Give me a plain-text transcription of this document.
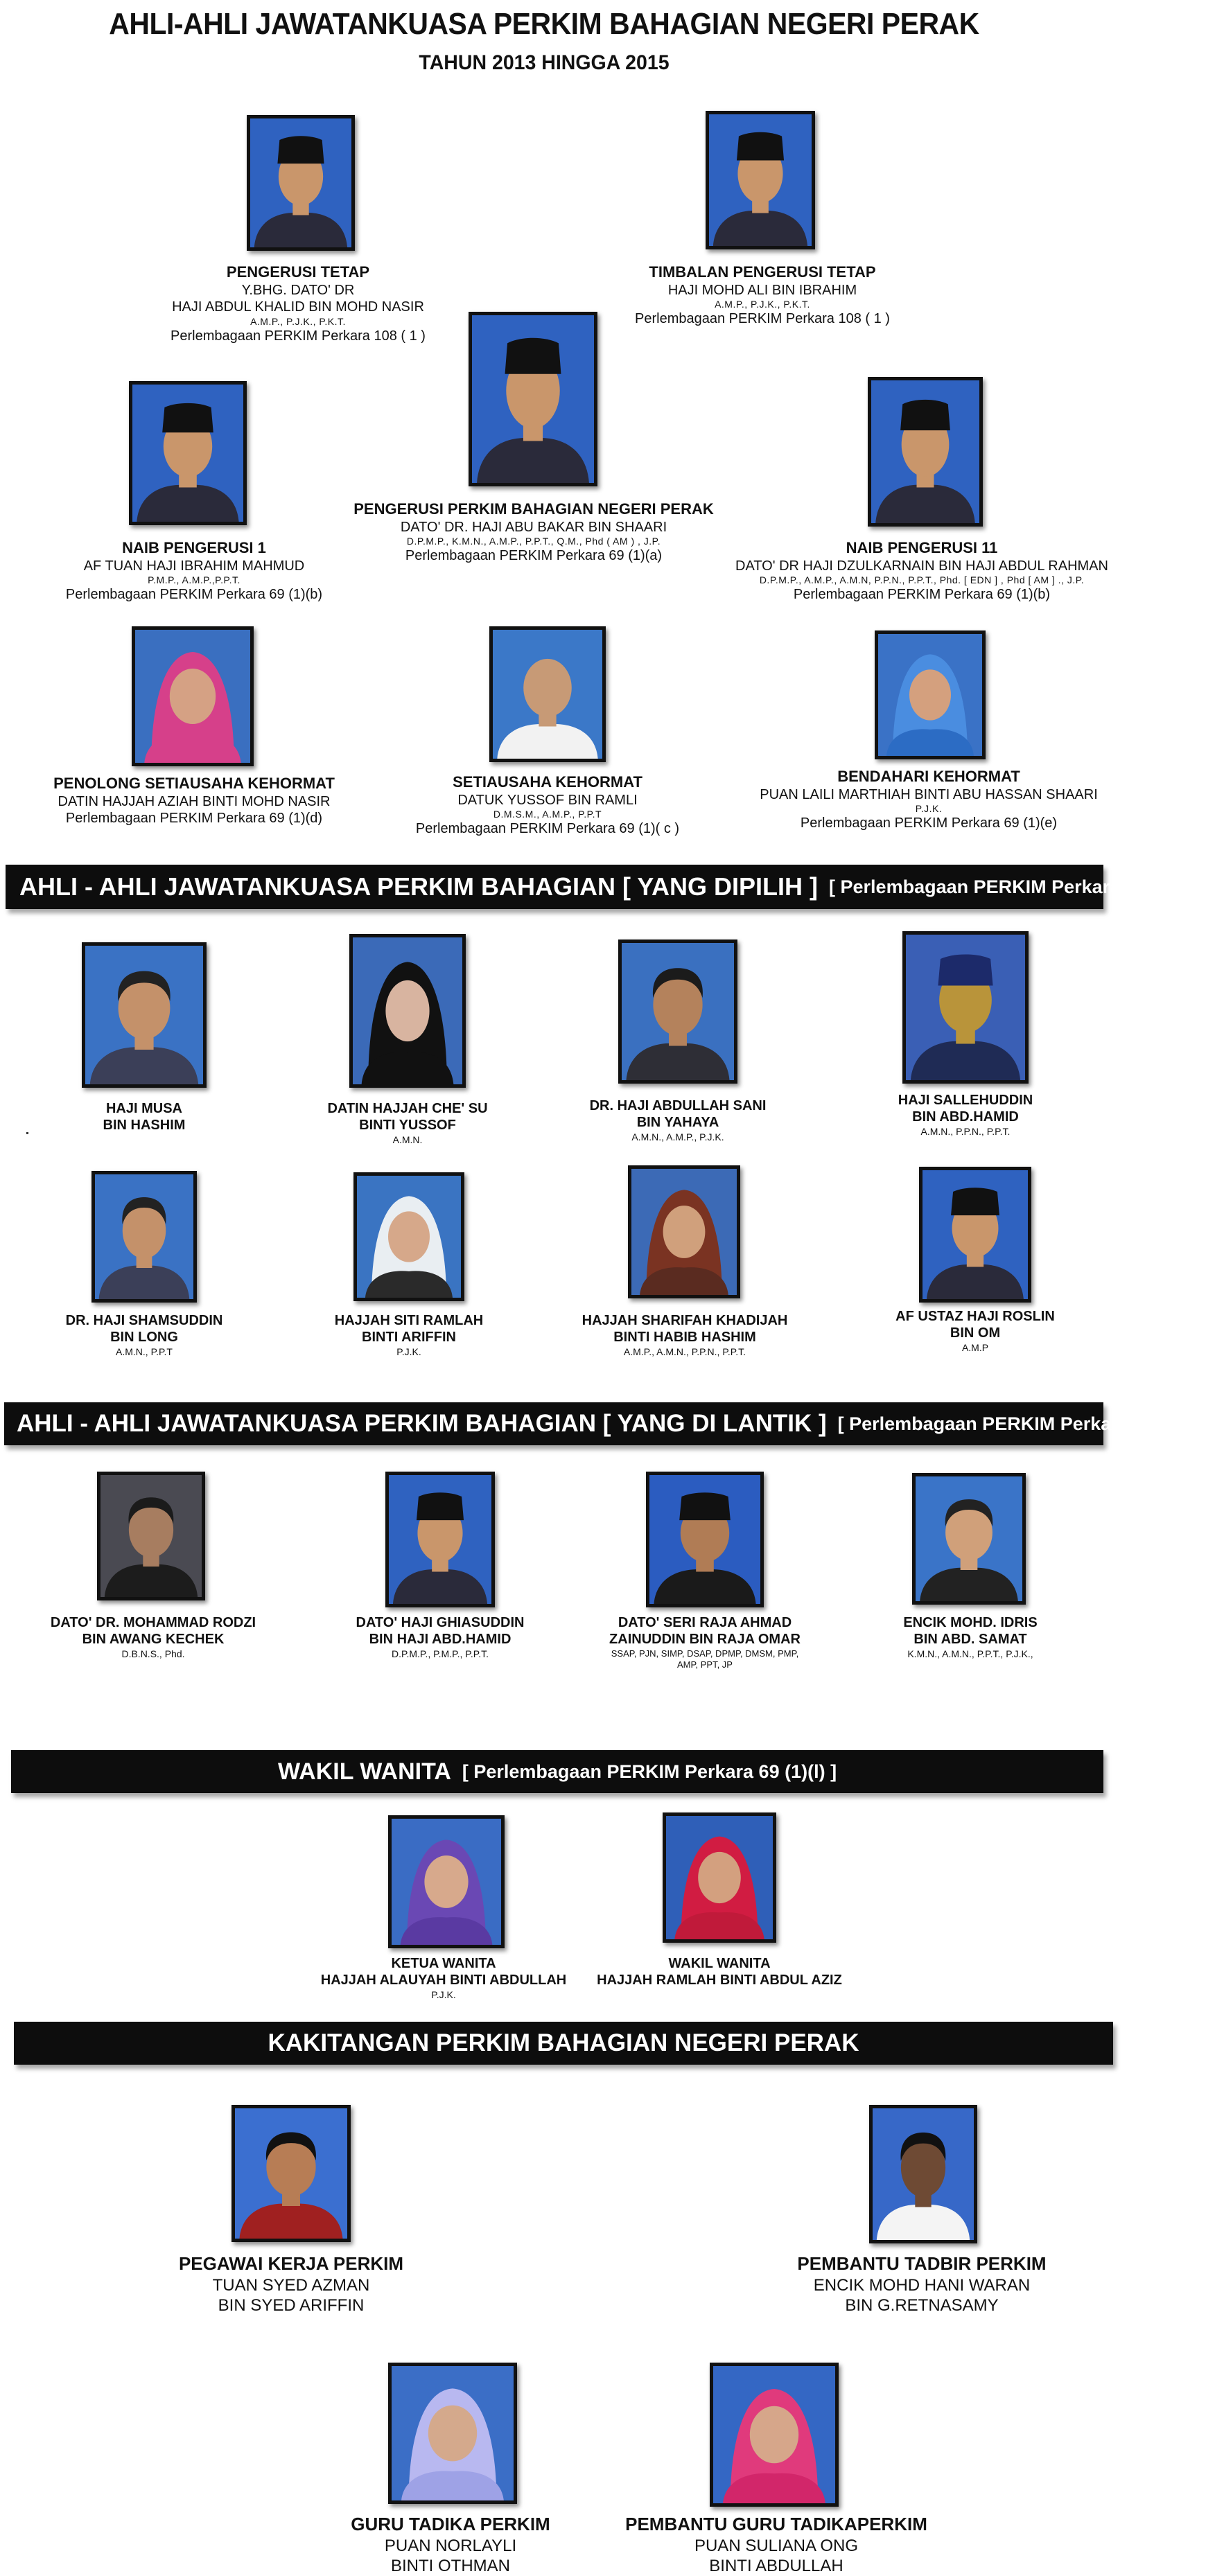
AHLI-AHLI JAWATANKUASA PERKIM BAHAGIAN NEGERI PERAK
TAHUN 2013 HINGGA 2015
PENGERUSI TETAP
Y.BHG. DATO' DR
HAJI ABDUL KHALID BIN MOHD NASIR
A.M.P., P.J.K., P.K.T.
Perlembagaan PERKIM Perkara 108 ( 1 )
TIMBALAN PENGERUSI TETAP
HAJI MOHD ALI BIN IBRAHIM
A.M.P., P.J.K., P.K.T.
Perlembagaan PERKIM Perkara 108 ( 1 )
PENGERUSI PERKIM BAHAGIAN NEGERI PERAK
DATO' DR. HAJI ABU BAKAR BIN SHAARI
D.P.M.P., K.M.N., A.M.P., P.P.T., Q.M., Phd ( AM ) , J.P.
Perlembagaan PERKIM Perkara 69 (1)(a)
NAIB PENGERUSI 1
AF TUAN HAJI IBRAHIM MAHMUD
P.M.P., A.M.P.,P.P.T.
Perlembagaan PERKIM Perkara 69 (1)(b)
NAIB PENGERUSI 11
DATO' DR HAJI DZULKARNAIN BIN HAJI ABDUL RAHMAN
D.P.M.P., A.M.P., A.M.N, P.P.N., P.P.T., Phd. [ EDN ] , Phd [ AM ] ., J.P.
Perlembagaan PERKIM Perkara 69 (1)(b)
PENOLONG SETIAUSAHA KEHORMAT
DATIN HAJJAH AZIAH BINTI MOHD NASIR
Perlembagaan PERKIM Perkara 69 (1)(d)
SETIAUSAHA KEHORMAT
DATUK YUSSOF BIN RAMLI
D.M.S.M., A.M.P., P.P.T
Perlembagaan PERKIM Perkara 69 (1)( c )
BENDAHARI KEHORMAT
PUAN LAILI MARTHIAH BINTI ABU HASSAN SHAARI
P.J.K.
Perlembagaan PERKIM Perkara 69 (1)(e)
AHLI - AHLI JAWATANKUASA PERKIM BAHAGIAN [ YANG DIPILIH ] [ Perlembagaan PERKIM Perkara 101 (2)(iv) ]
HAJI MUSA
BIN HASHIM
DATIN HAJJAH CHE' SU
BINTI YUSSOF
A.M.N.
DR. HAJI ABDULLAH SANI
BIN YAHAYA
A.M.N., A.M.P., P.J.K.
HAJI SALLEHUDDIN
BIN ABD.HAMID
A.M.N., P.P.N., P.P.T.
DR. HAJI SHAMSUDDIN
BIN LONG
A.M.N., P.P.T
HAJJAH SITI RAMLAH
BINTI ARIFFIN
P.J.K.
HAJJAH SHARIFAH KHADIJAH
BINTI HABIB HASHIM
A.M.P., A.M.N., P.P.N., P.P.T.
AF USTAZ HAJI ROSLIN
BIN OM
A.M.P
AHLI - AHLI JAWATANKUASA PERKIM BAHAGIAN [ YANG DI LANTIK ] [ Perlembagaan PERKIM Perkara 69 (1)(h)
DATO' DR. MOHAMMAD RODZI
BIN AWANG KECHEK
D.B.N.S., Phd.
DATO' HAJI GHIASUDDIN
BIN HAJI ABD.HAMID
D.P.M.P., P.M.P., P.P.T.
DATO' SERI RAJA AHMAD
ZAINUDDIN BIN RAJA OMAR
SSAP, PJN, SIMP, DSAP, DPMP, DMSM, PMP,
AMP, PPT, JP
ENCIK MOHD. IDRIS
BIN ABD. SAMAT
K.M.N., A.M.N., P.P.T., P.J.K.,
WAKIL WANITA [ Perlembagaan PERKIM Perkara 69 (1)(l) ]
KETUA WANITA
HAJJAH ALAUYAH BINTI ABDULLAH
P.J.K.
WAKIL WANITA
HAJJAH RAMLAH BINTI ABDUL AZIZ
KAKITANGAN PERKIM BAHAGIAN NEGERI PERAK
PEGAWAI KERJA PERKIM
TUAN SYED AZMAN
BIN SYED ARIFFIN
PEMBANTU TADBIR PERKIM
ENCIK MOHD HANI WARAN
BIN G.RETNASAMY
GURU TADIKA PERKIM
PUAN NORLAYLI
BINTI OTHMAN
PEMBANTU GURU TADIKAPERKIM
PUAN SULIANA ONG
BINTI ABDULLAH
